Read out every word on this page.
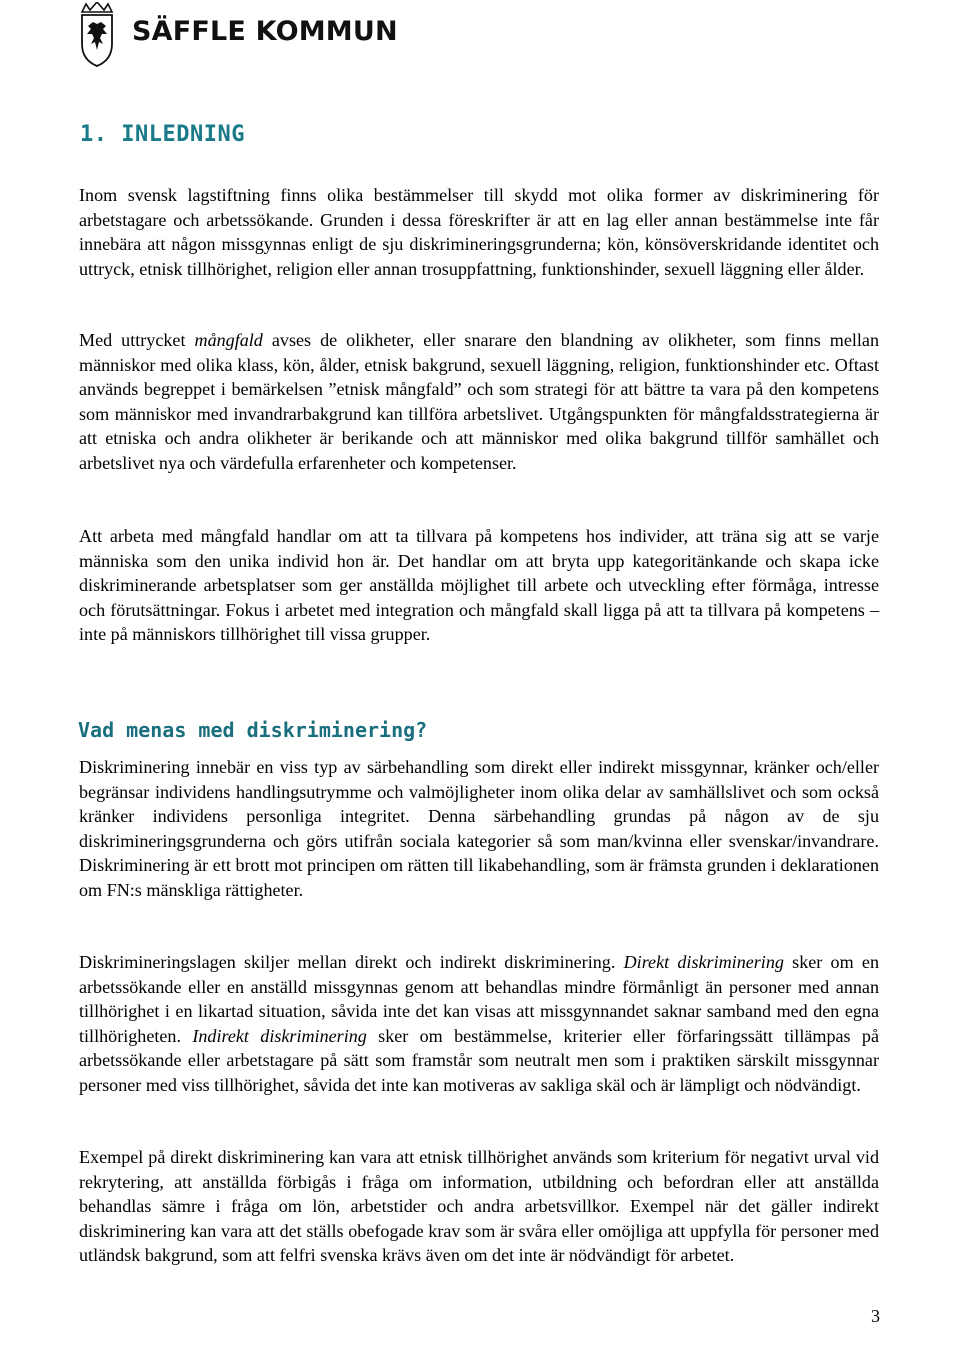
SÄFFLE KOMMUN
1. INLEDNING

Inom svensk lagstiftning finns olika bestämmelser till skydd mot olika former av diskriminering för arbetstagare och arbetssökande. Grunden i dessa föreskrifter är att en lag eller annan bestämmelse inte får innebära att någon missgynnas enligt de sju diskrimineringsgrunderna; kön, könsöverskridande identitet och uttryck, etnisk tillhörighet, religion eller annan trosuppfattning, funktionshinder, sexuell läggning eller ålder.

Med uttrycket mångfald avses de olikheter, eller snarare den blandning av olikheter, som finns mellan människor med olika klass, kön, ålder, etnisk bakgrund, sexuell läggning, religion, funktionshinder etc. Oftast används begreppet i bemärkelsen ”etnisk mångfald” och som strategi för att bättre ta vara på den kompetens som människor med invandrarbakgrund kan tillföra arbetslivet. Utgångspunkten för mångfaldsstrategierna är att etniska och andra olikheter är berikande och att människor med olika bakgrund tillför samhället och arbetslivet nya och värdefulla erfarenheter och kompetenser.

Att arbeta med mångfald handlar om att ta tillvara på kompetens hos individer, att träna sig att se varje människa som den unika individ hon är. Det handlar om att bryta upp kategoritänkande och skapa icke diskriminerande arbetsplatser som ger anställda möjlighet till arbete och utveckling efter förmåga, intresse och förutsättningar. Fokus i arbetet med integration och mångfald skall ligga på att ta tillvara på kompetens – inte på människors tillhörighet till vissa grupper.

Vad menas med diskriminering?

Diskriminering innebär en viss typ av särbehandling som direkt eller indirekt missgynnar, kränker och/eller begränsar individens handlingsutrymme och valmöjligheter inom olika delar av samhällslivet och som också kränker individens personliga integritet. Denna särbehandling grundas på någon av de sju diskrimineringsgrunderna och görs utifrån sociala kategorier så som man/kvinna eller svenskar/invandrare. Diskriminering är ett brott mot principen om rätten till likabehandling, som är främsta grunden i deklarationen om FN:s mänskliga rättigheter.

Diskrimineringslagen skiljer mellan direkt och indirekt diskriminering. Direkt diskriminering sker om en arbetssökande eller en anställd missgynnas genom att behandlas mindre förmånligt än personer med annan tillhörighet i en likartad situation, såvida inte det kan visas att missgynnandet saknar samband med den egna tillhörigheten. Indirekt diskriminering sker om bestämmelse, kriterier eller förfaringssätt tillämpas på arbetssökande eller arbetstagare på sätt som framstår som neutralt men som i praktiken särskilt missgynnar personer med viss tillhörighet, såvida det inte kan motiveras av sakliga skäl och är lämpligt och nödvändigt.

Exempel på direkt diskriminering kan vara att etnisk tillhörighet används som kriterium för negativt urval vid rekrytering, att anställda förbigås i fråga om information, utbildning och befordran eller att anställda behandlas sämre i fråga om lön, arbetstider och andra arbetsvillkor. Exempel när det gäller indirekt diskriminering kan vara att det ställs obefogade krav som är svåra eller omöjliga att uppfylla för personer med utländsk bakgrund, som att felfri svenska krävs även om det inte är nödvändigt för arbetet.

3
